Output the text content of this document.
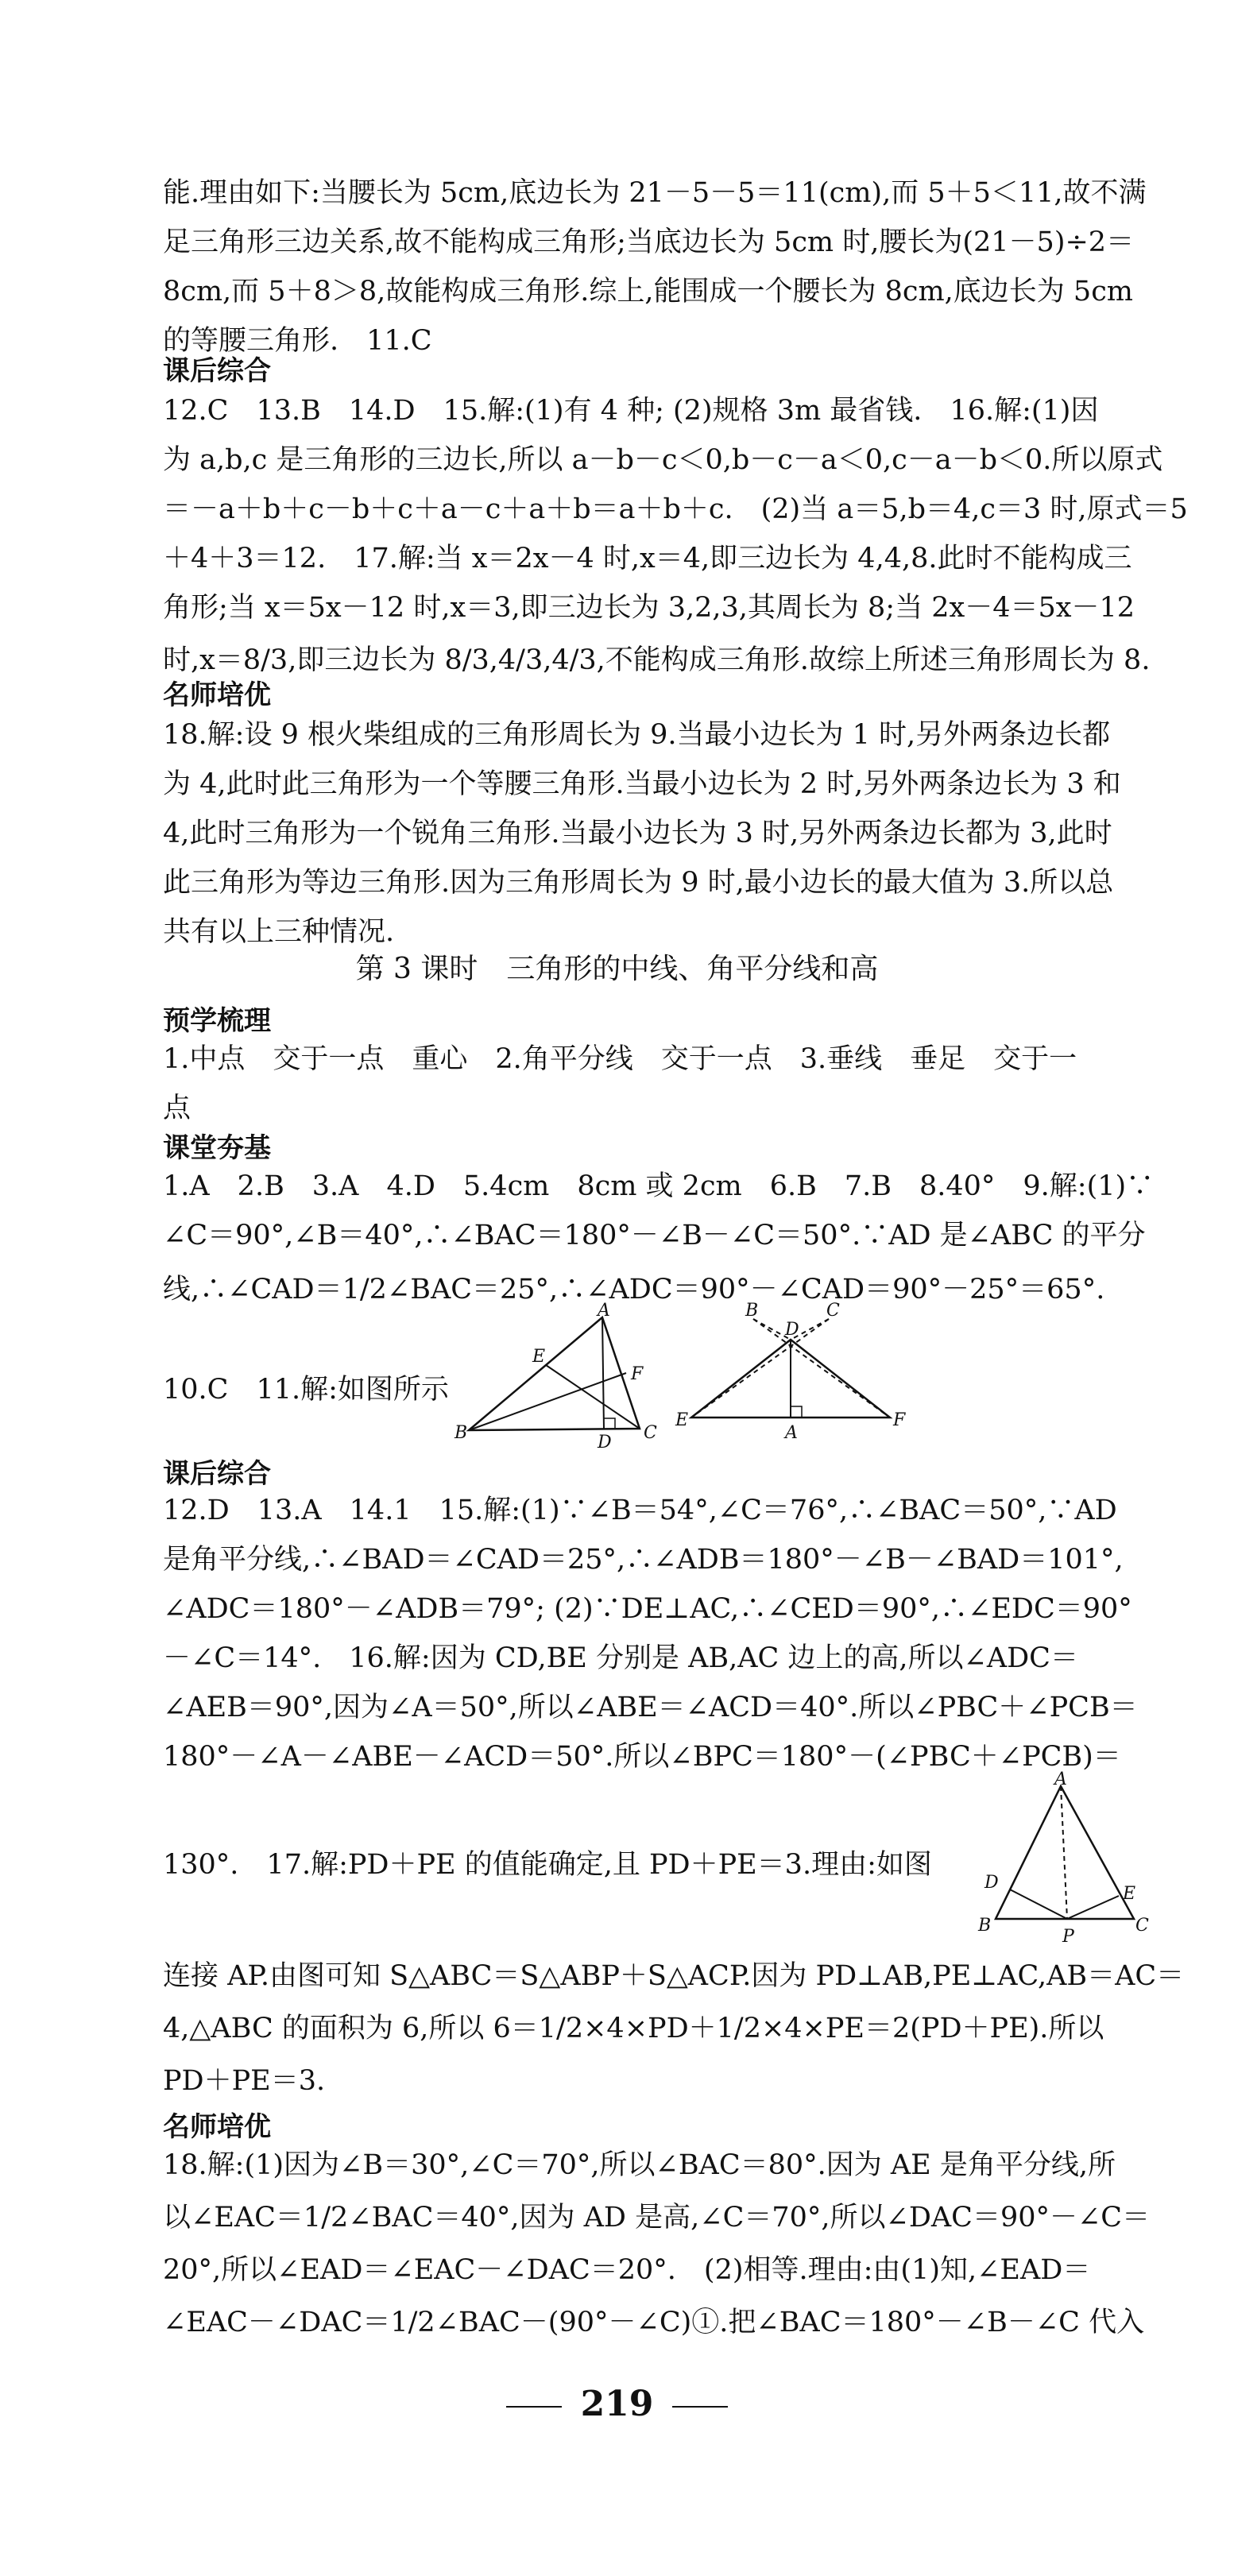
能.理由如下:当腰长为 5cm,底边长为 21－5－5＝11(cm),而 5＋5＜11,故不满
足三角形三边关系,故不能构成三角形;当底边长为 5cm 时,腰长为(21－5)÷2＝
8cm,而 5＋8＞8,故能构成三角形.综上,能围成一个腰长为 8cm,底边长为 5cm
的等腰三角形.　11.C
课后综合
12.C　13.B　14.D　15.解:(1)有 4 种; (2)规格 3m 最省钱.　16.解:(1)因
为 a,b,c 是三角形的三边长,所以 a－b－c＜0,b－c－a＜0,c－a－b＜0.所以原式
＝－a＋b＋c－b＋c＋a－c＋a＋b＝a＋b＋c.　(2)当 a＝5,b＝4,c＝3 时,原式＝5
＋4＋3＝12.　17.解:当 x＝2x－4 时,x＝4,即三边长为 4,4,8.此时不能构成三
角形;当 x＝5x－12 时,x＝3,即三边长为 3,2,3,其周长为 8;当 2x－4＝5x－12
时,x＝8/3,即三边长为 8/3,4/3,4/3,不能构成三角形.故综上所述三角形周长为 8.
名师培优
18.解:设 9 根火柴组成的三角形周长为 9.当最小边长为 1 时,另外两条边长都
为 4,此时此三角形为一个等腰三角形.当最小边长为 2 时,另外两条边长为 3 和
4,此时三角形为一个锐角三角形.当最小边长为 3 时,另外两条边长都为 3,此时
此三角形为等边三角形.因为三角形周长为 9 时,最小边长的最大值为 3.所以总
共有以上三种情况.
第 3 课时　三角形的中线、角平分线和高
预学梳理
1.中点　交于一点　重心　2.角平分线　交于一点　3.垂线　垂足　交于一
点
课堂夯基
1.A　2.B　3.A　4.D　5.4cm　8cm 或 2cm　6.B　7.B　8.40°　9.解:(1)∵
∠C＝90°,∠B＝40°,∴∠BAC＝180°－∠B－∠C＝50°.∵AD 是∠ABC 的平分
线,∴∠CAD＝1/2∠BAC＝25°,∴∠ADC＝90°－∠CAD＝90°－25°＝65°.
10.C　11.解:如图所示
A
B	C
D
E
F
B	C
D
E	F
A
课后综合
12.D　13.A　14.1　15.解:(1)∵∠B＝54°,∠C＝76°,∴∠BAC＝50°,∵AD
是角平分线,∴∠BAD＝∠CAD＝25°,∴∠ADB＝180°－∠B－∠BAD＝101°,
∠ADC＝180°－∠ADB＝79°; (2)∵DE⊥AC,∴∠CED＝90°,∴∠EDC＝90°
－∠C＝14°.　16.解:因为 CD,BE 分别是 AB,AC 边上的高,所以∠ADC＝
∠AEB＝90°,因为∠A＝50°,所以∠ABE＝∠ACD＝40°.所以∠PBC＋∠PCB＝
180°－∠A－∠ABE－∠ACD＝50°.所以∠BPC＝180°－(∠PBC＋∠PCB)＝
130°.　17.解:PD＋PE 的值能确定,且 PD＋PE＝3.理由:如图
A
B	C
D
E
P
连接 AP.由图可知 S△ABC＝S△ABP＋S△ACP.因为 PD⊥AB,PE⊥AC,AB＝AC＝
4,△ABC 的面积为 6,所以 6＝1/2×4×PD＋1/2×4×PE＝2(PD＋PE).所以
PD＋PE＝3.
名师培优
18.解:(1)因为∠B＝30°,∠C＝70°,所以∠BAC＝80°.因为 AE 是角平分线,所
以∠EAC＝1/2∠BAC＝40°,因为 AD 是高,∠C＝70°,所以∠DAC＝90°－∠C＝
20°,所以∠EAD＝∠EAC－∠DAC＝20°.　(2)相等.理由:由(1)知,∠EAD＝
∠EAC－∠DAC＝1/2∠BAC－(90°－∠C)①.把∠BAC＝180°－∠B－∠C 代入
219
